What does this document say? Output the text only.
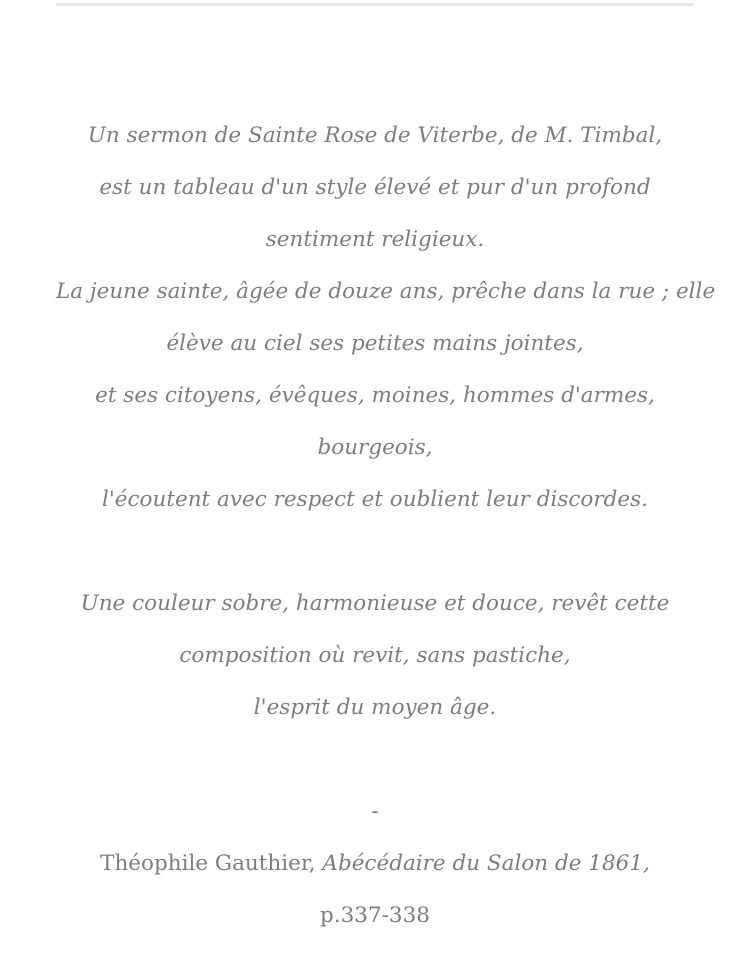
Un sermon de Sainte Rose de Viterbe, de M. Timbal,
est un tableau d'un style élevé et pur d'un profond
sentiment religieux.
La jeune sainte, âgée de douze ans, prêche dans la rue ; elle
élève au ciel ses petites mains jointes,
et ses citoyens, évêques, moines, hommes d'armes,
bourgeois,
l'écoutent avec respect et oublient leur discordes.
Une couleur sobre, harmonieuse et douce, revêt cette
composition où revit, sans pastiche,
l'esprit du moyen âge.
-
Théophile Gauthier, Abécédaire du Salon de 1861,
p.337-338
